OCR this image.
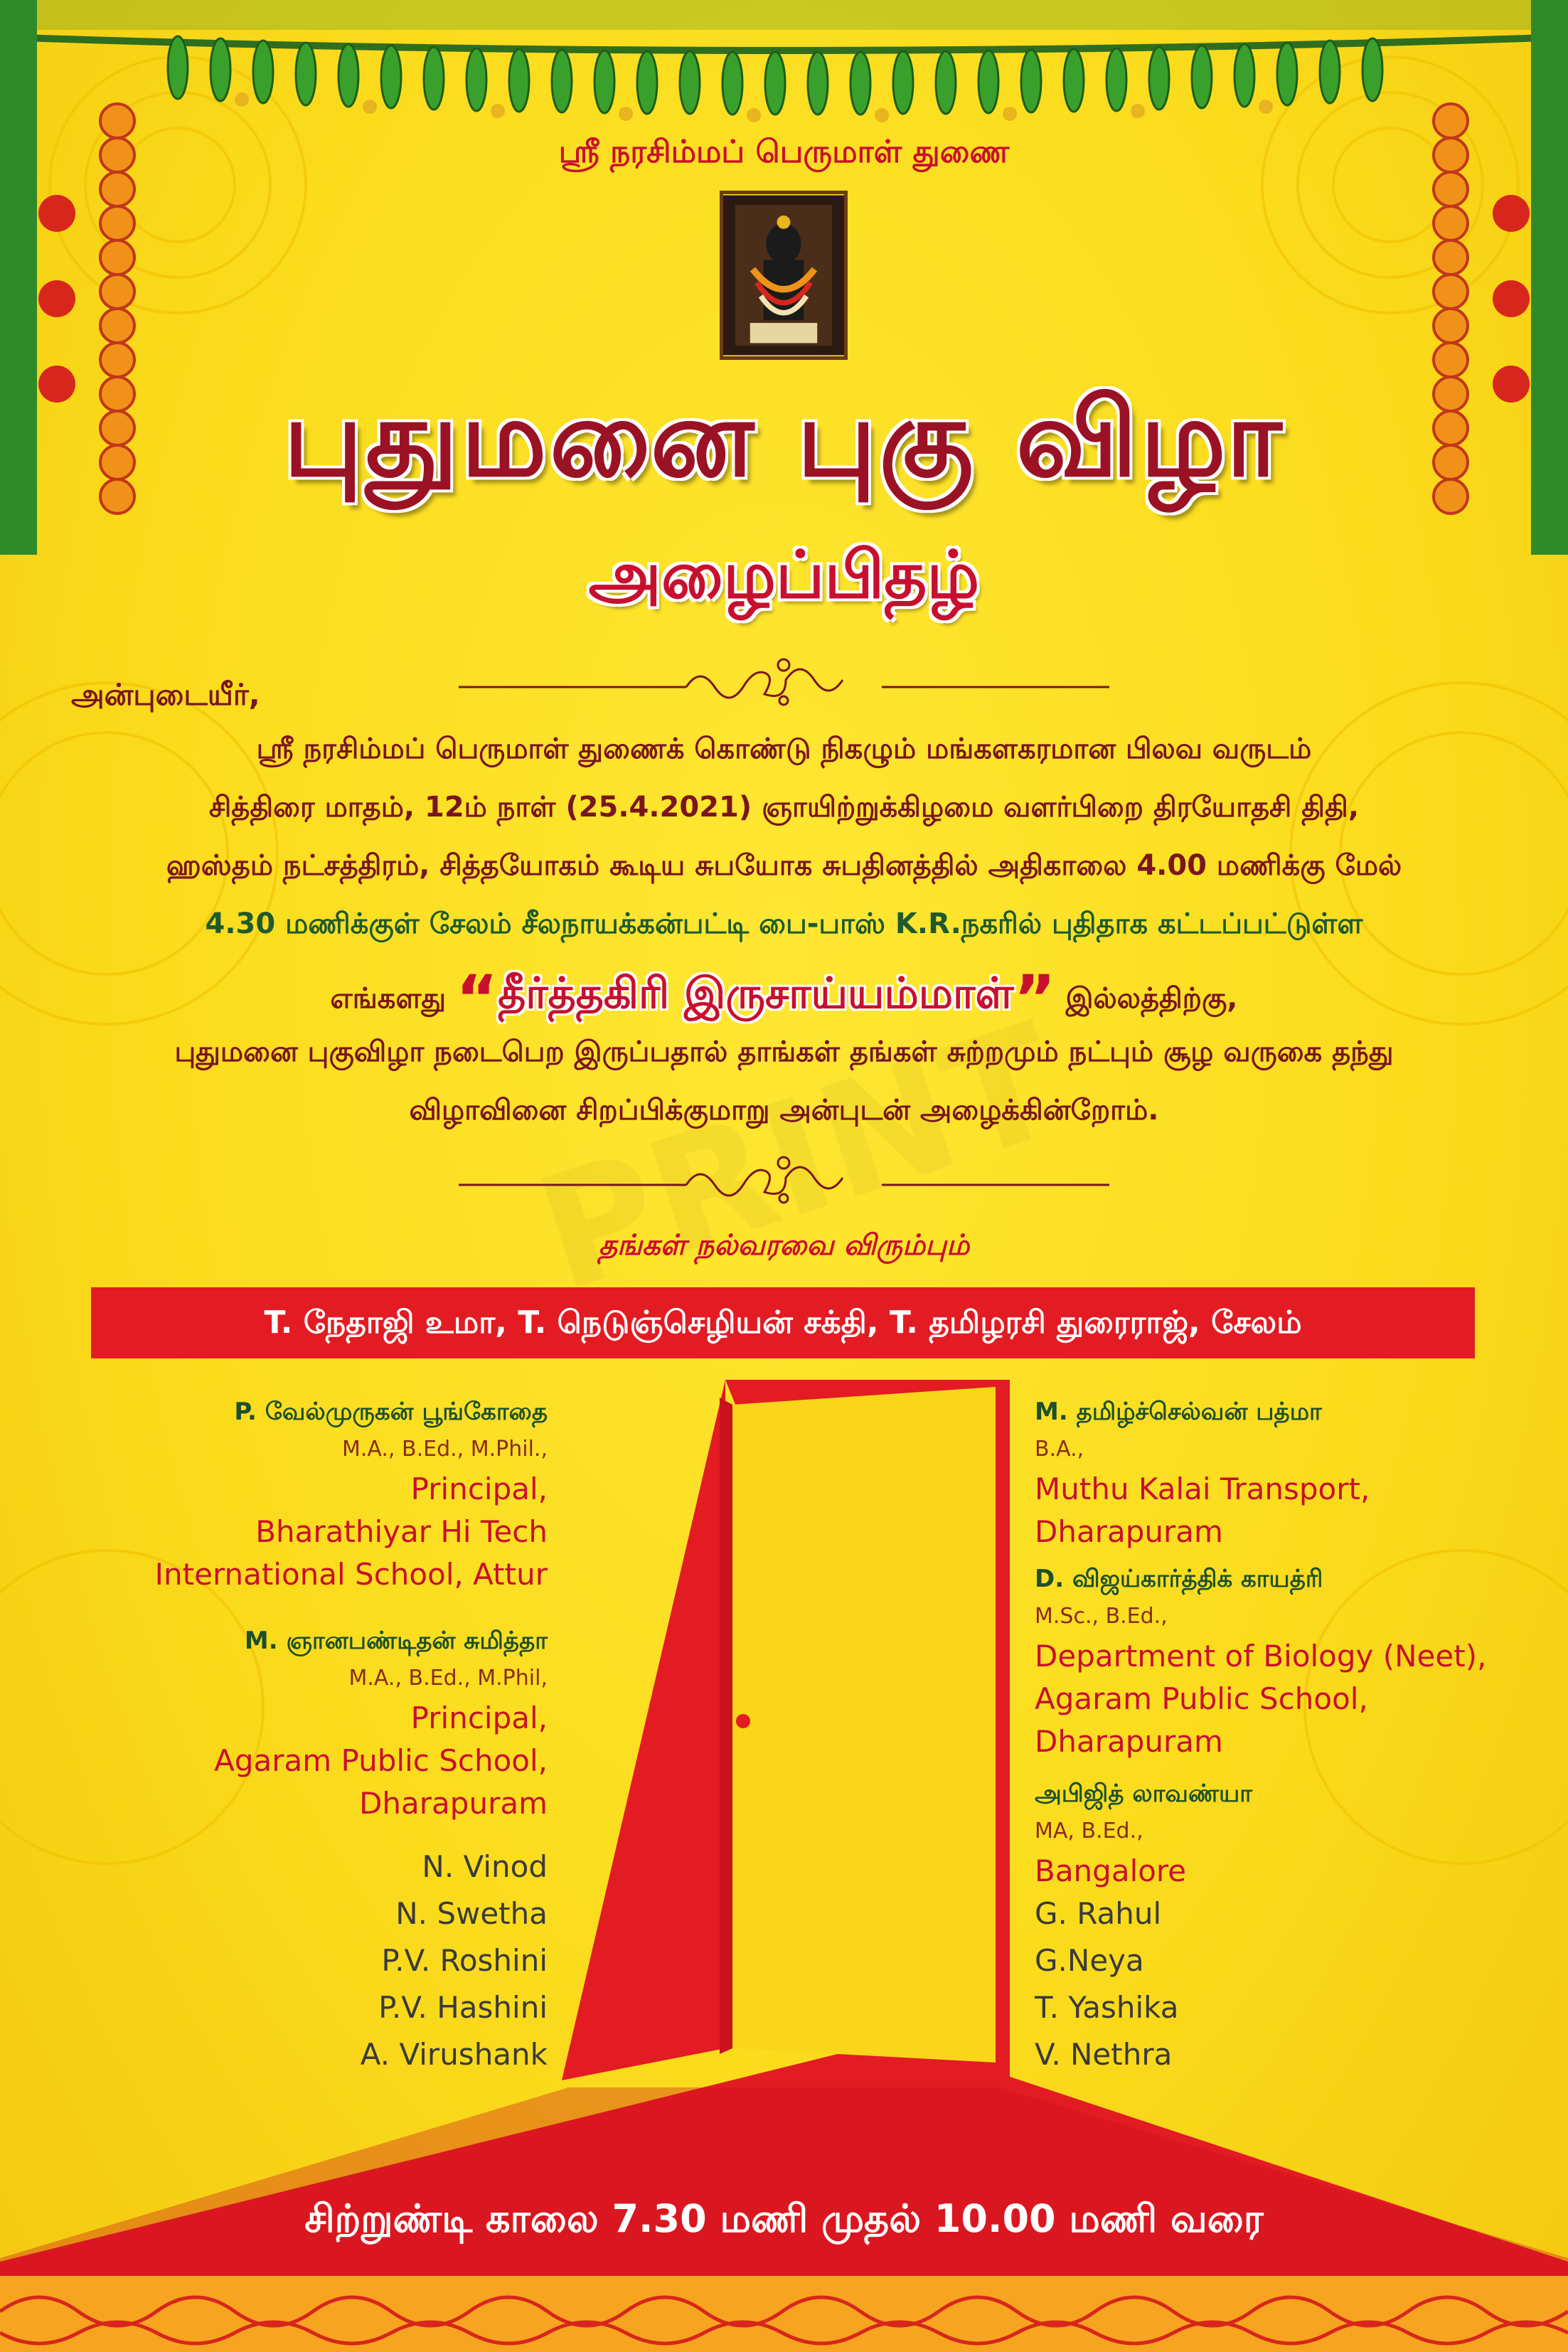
ஸ்ரீ நரசிம்மப் பெருமாள் துணை
புதுமனை புகு விழா
அழைப்பிதழ்
அன்புடையீர்,
ஸ்ரீ நரசிம்மப் பெருமாள் துணைக் கொண்டு நிகழும் மங்களகரமான பிலவ வருடம்
சித்திரை மாதம், 12ம் நாள் (25.4.2021) ஞாயிற்றுக்கிழமை வளர்பிறை திரயோதசி திதி,
ஹஸ்தம் நட்சத்திரம், சித்தயோகம் கூடிய சுபயோக சுபதினத்தில் அதிகாலை 4.00 மணிக்கு மேல்
4.30 மணிக்குள் சேலம் சீலநாயக்கன்பட்டி பை-பாஸ் K.R.நகரில் புதிதாக கட்டப்பட்டுள்ள
எங்களது “தீர்த்தகிரி இருசாய்யம்மாள்” இல்லத்திற்கு,
புதுமனை புகுவிழா நடைபெற இருப்பதால் தாங்கள் தங்கள் சுற்றமும் நட்பும் சூழ வருகை தந்து
விழாவினை சிறப்பிக்குமாறு அன்புடன் அழைக்கின்றோம்.
தங்கள் நல்வரவை விரும்பும்
T. நேதாஜி உமா, T. நெடுஞ்செழியன் சக்தி, T. தமிழரசி துரைராஜ், சேலம்
P. வேல்முருகன் பூங்கோதை
M.A., B.Ed., M.Phil.,
Principal,
Bharathiyar Hi Tech
International School, Attur
M. ஞானபண்டிதன் சுமித்தா
M.A., B.Ed., M.Phil,
Principal,
Agaram Public School,
Dharapuram
N. Vinod
N. Swetha
P.V. Roshini
P.V. Hashini
A. Virushank
M. தமிழ்ச்செல்வன் பத்மா
B.A.,
Muthu Kalai Transport,
Dharapuram
D. விஜய்கார்த்திக் காயத்ரி
M.Sc., B.Ed.,
Department of Biology (Neet),
Agaram Public School,
Dharapuram
அபிஜித் லாவண்யா
MA, B.Ed.,
Bangalore
G. Rahul
G.Neya
T. Yashika
V. Nethra
சிற்றுண்டி காலை 7.30 மணி முதல் 10.00 மணி வரை
